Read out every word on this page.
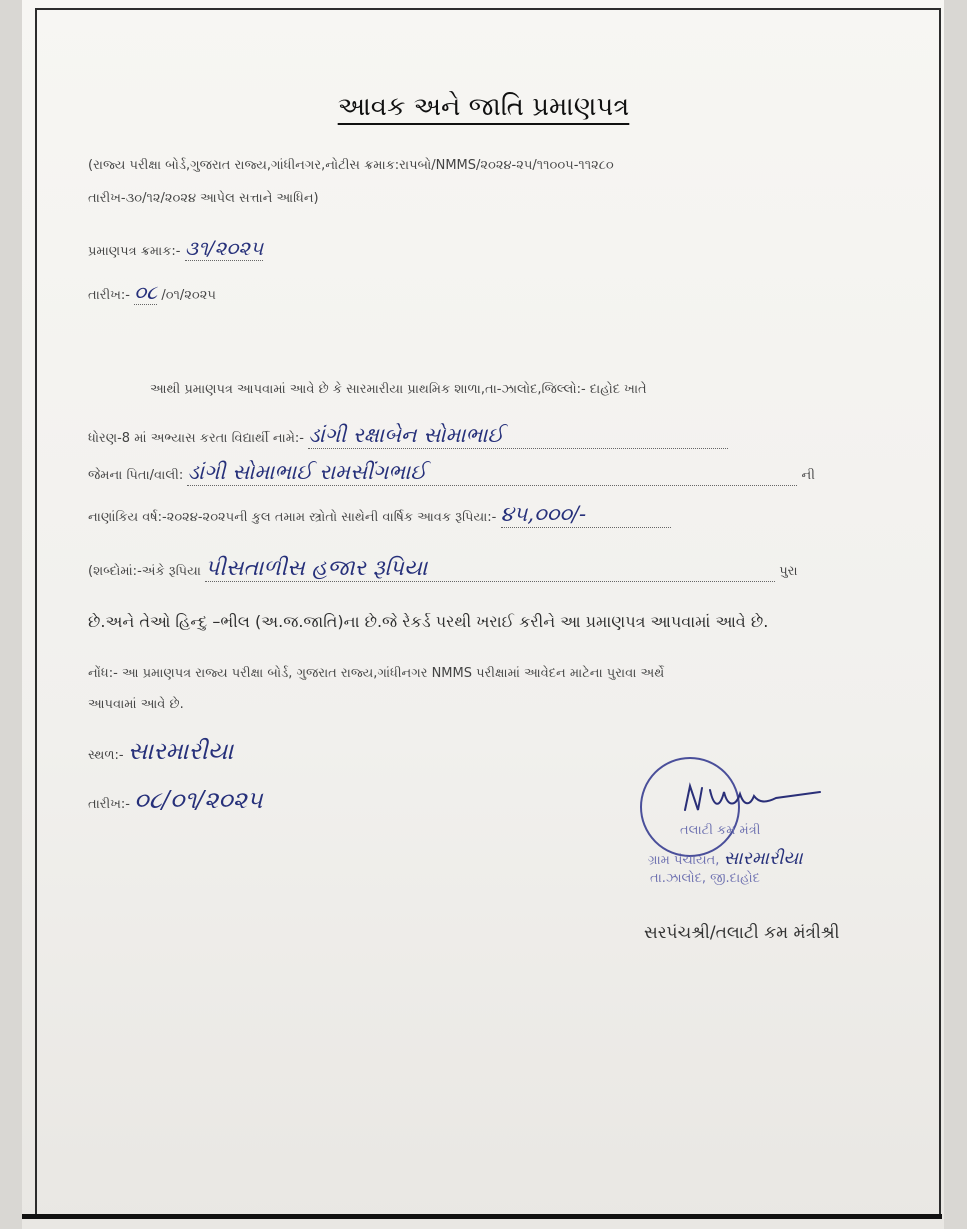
આવક અને જાતિ પ્રમાણપત્ર
(રાજ્ય પરીક્ષા બોર્ડ,ગુજરાત રાજ્ય,ગાંધીનગર,નોટીસ ક્રમાક:રાપબો/NMMS/૨૦૨૪-૨૫/૧૧૦૦૫-૧૧૨૮૦
તારીખ-૩૦/૧૨/૨૦૨૪ આપેલ સત્તાને આધિન)
પ્રમાણપત્ર ક્રમાક:- ૩૧/૨૦૨૫
તારીખ:- ૦૮ /૦૧/૨૦૨૫
આથી પ્રમાણપત્ર આપવામાં આવે છે કે સારમારીયા પ્રાથમિક શાળા,તા-ઝાલોદ,જિલ્લો:- દાહોદ ખાતે
ધોરણ-8 માં અભ્યાસ કરતા વિદ્યાર્થી નામે:- ડાંગી રક્ષાબેન સોમાભાઈ
જેમના પિતા/વાલી: ડાંગી સોમાભાઈ રામસીંગભાઈ	ની
નાણાંકિય વર્ષ:-૨૦૨૪-૨૦૨૫ની કુલ તમામ સ્ત્રોતો સાથેની વાર્ષિક આવક રૂપિયા:- ૪૫,૦૦૦/-
(શબ્દોમાં:-અંકે રૂપિયા પીસતાળીસ હજાર રૂપિયા	પુરા
છે.અને તેઓ હિન્દુ –ભીલ (અ.જ.જાતિ)ના છે.જે રેકર્ડ પરથી ખરાઈ કરીને આ પ્રમાણપત્ર આપવામાં આવે છે.
નોંધ:- આ પ્રમાણપત્ર રાજ્ય પરીક્ષા બોર્ડ, ગુજરાત રાજ્ય,ગાંધીનગર NMMS પરીક્ષામાં આવેદન માટેના પુરાવા અર્થે
આપવામાં આવે છે.
સ્થળ:- સારમારીયા
તારીખ:- ૦૮/૦૧/૨૦૨૫
તલાટી કમ મંત્રી
ગ્રામ પંચાયત, સારમારીયા
તા.ઝાલોદ, જી.દાહોદ
સરપંચશ્રી/તલાટી કમ મંત્રીશ્રી
